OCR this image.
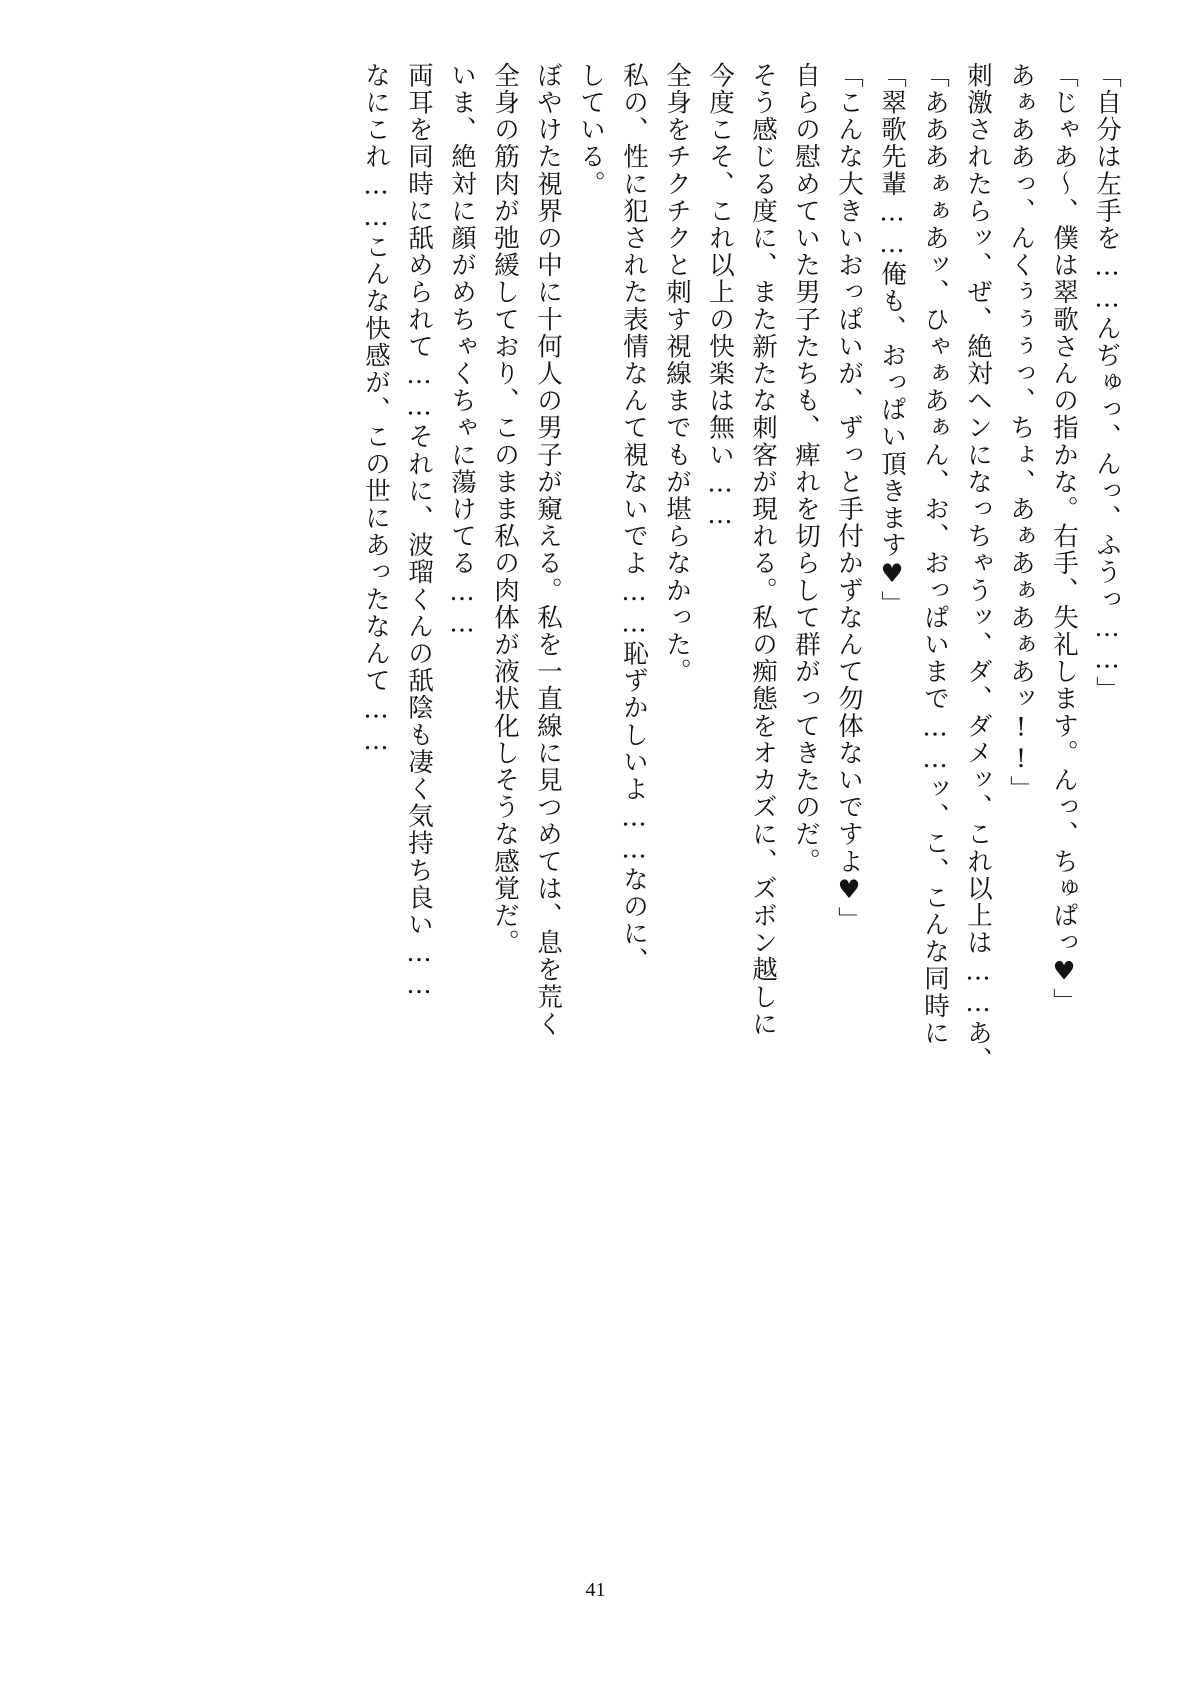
なにこれ……こんな快感が、この世にあったなんて…… 両耳を同時に舐められて……それに、波瑠くんの舐陰も凄く気持ち良い…… いま、絶対に顔がめちゃくちゃに蕩けてる…… 全身の筋肉が弛緩しており、このまま私の肉体が液状化しそうな感覚だ。 ぼやけた視界の中に十何人の男子が窺える。私を一直線に見つめては、息を荒く している。 私の、性に犯された表情なんて視ないでよ……恥ずかしいよ……なのに、 全身をチクチクと刺す視線までもが堪らなかった。 今度こそ、これ以上の快楽は無い…… そう感じる度に、また新たな刺客が現れる。私の痴態をオカズに、ズボン越しに 自らの慰めていた男子たちも、痺れを切らして群がってきたのだ。 「こんな大きいおっぱいが、ずっと手付かずなんて勿体ないですよ♥」 「翠歌先輩……俺も、おっぱい頂きます♥」 「あああぁぁあッ、ひゃぁあぁん、お、おっぱいまで……ッ、こ、こんな同時に 刺激されたらッ、ぜ、絶対ヘンになっちゃうッ、ダ、ダメッ、これ以上は……あ、 あぁああっ、んくぅぅぅっ、ちょ、あぁあぁあぁあッ!!」 「じゃあ〜、僕は翠歌さんの指かな。右手、失礼します。んっ、ちゅぱっ♥」 「自分は左手を……んぢゅっ、んっ、ふうっ……」
41
